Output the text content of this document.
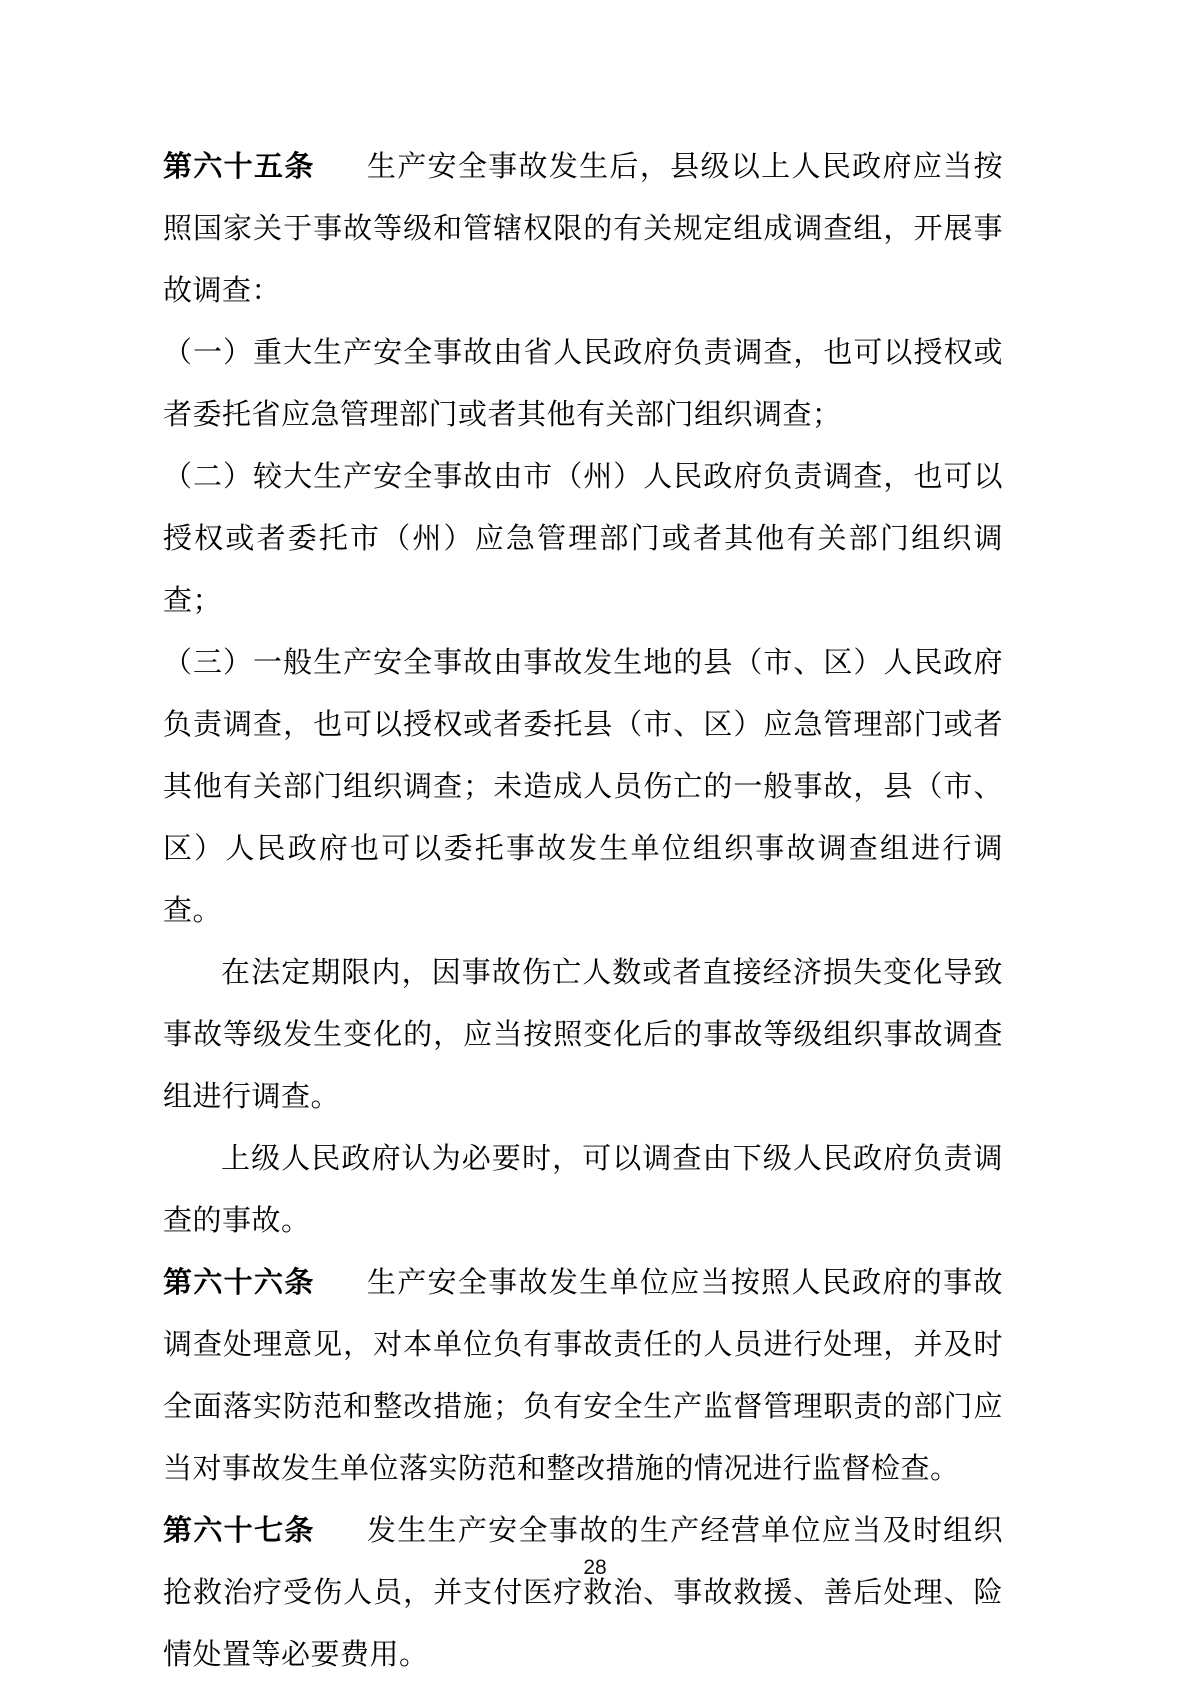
第六十五条 生产安全事故发生后，县级以上人民政府应当按照国家关于事故等级和管辖权限的有关规定组成调查组，开展事故调查：

（一）重大生产安全事故由省人民政府负责调查，也可以授权或者委托省应急管理部门或者其他有关部门组织调查；

（二）较大生产安全事故由市（州）人民政府负责调查，也可以授权或者委托市（州）应急管理部门或者其他有关部门组织调查；

（三）一般生产安全事故由事故发生地的县（市、区）人民政府负责调查，也可以授权或者委托县（市、区）应急管理部门或者其他有关部门组织调查；未造成人员伤亡的一般事故，县（市、区）人民政府也可以委托事故发生单位组织事故调查组进行调查。

在法定期限内，因事故伤亡人数或者直接经济损失变化导致事故等级发生变化的，应当按照变化后的事故等级组织事故调查组进行调查。

上级人民政府认为必要时，可以调查由下级人民政府负责调查的事故。

第六十六条 生产安全事故发生单位应当按照人民政府的事故调查处理意见，对本单位负有事故责任的人员进行处理，并及时全面落实防范和整改措施；负有安全生产监督管理职责的部门应当对事故发生单位落实防范和整改措施的情况进行监督检查。

第六十七条 发生生产安全事故的生产经营单位应当及时组织抢救治疗受伤人员，并支付医疗救治、事故救援、善后处理、险情处置等必要费用。

28
